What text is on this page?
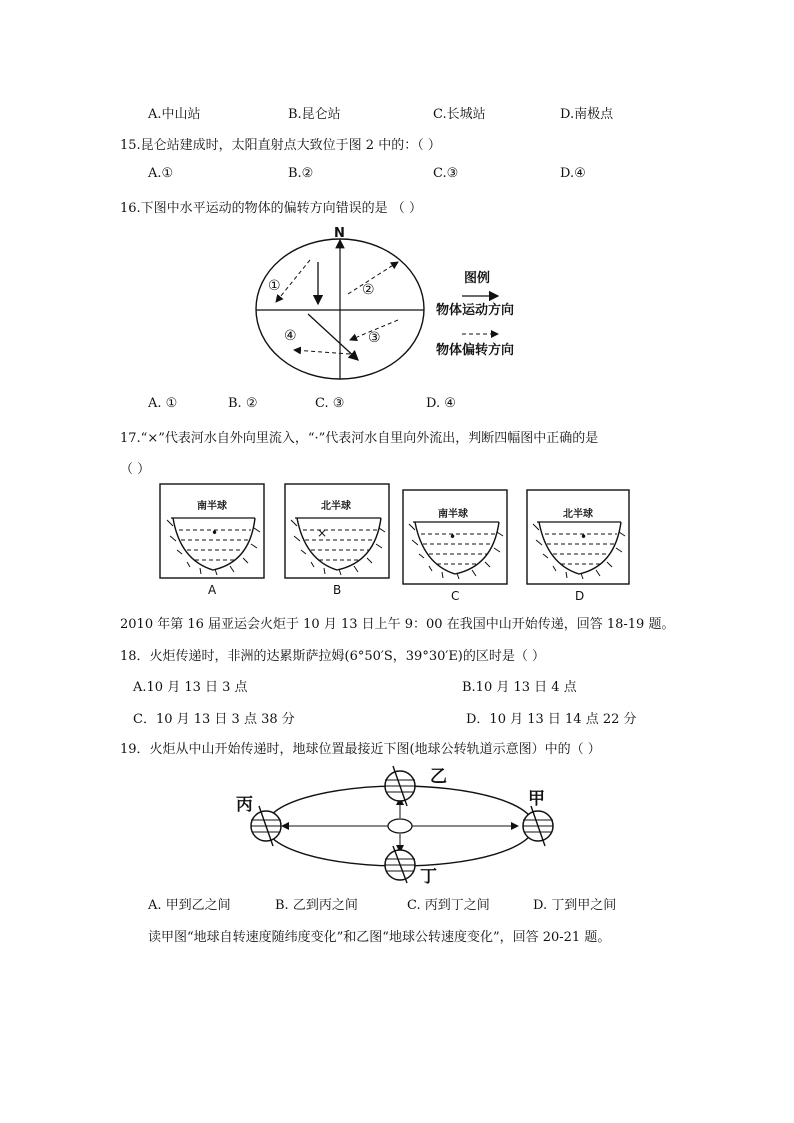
A.中山站	B.昆仑站	C.长城站	D.南极点
15.昆仑站建成时，太阳直射点大致位于图 2 中的：（ ）
A.①	B.②	C.③	D.④
16.下图中水平运动的物体的偏转方向错误的是 （ ）
N
①	②
③
④
图例
物体运动方向
物体偏转方向
A. ①	B. ②	C. ③	D. ④
17.“×”代表河水自外向里流入，“·”代表河水自里向外流出，判断四幅图中正确的是
（ ）
南半球
•
A
北半球
×
B
南半球
•
C
北半球
•
D
2010 年第 16 届亚运会火炬于 10 月 13 日上午 9：00 在我国中山开始传递，回答 18-19 题。
18．火炬传递时，非洲的达累斯萨拉姆(6°50′S，39°30′E)的区时是（ ）
A.10 月 13 日 3 点	B.10 月 13 日 4 点
C．10 月 13 日 3 点 38 分	D．10 月 13 日 14 点 22 分
19．火炬从中山开始传递时，地球位置最接近下图(地球公转轨道示意图）中的（ ）
丙
乙
甲
丁
A. 甲到乙之间	B. 乙到丙之间	C. 丙到丁之间	D. 丁到甲之间
读甲图“地球自转速度随纬度变化”和乙图“地球公转速度变化”，回答 20-21 题。
